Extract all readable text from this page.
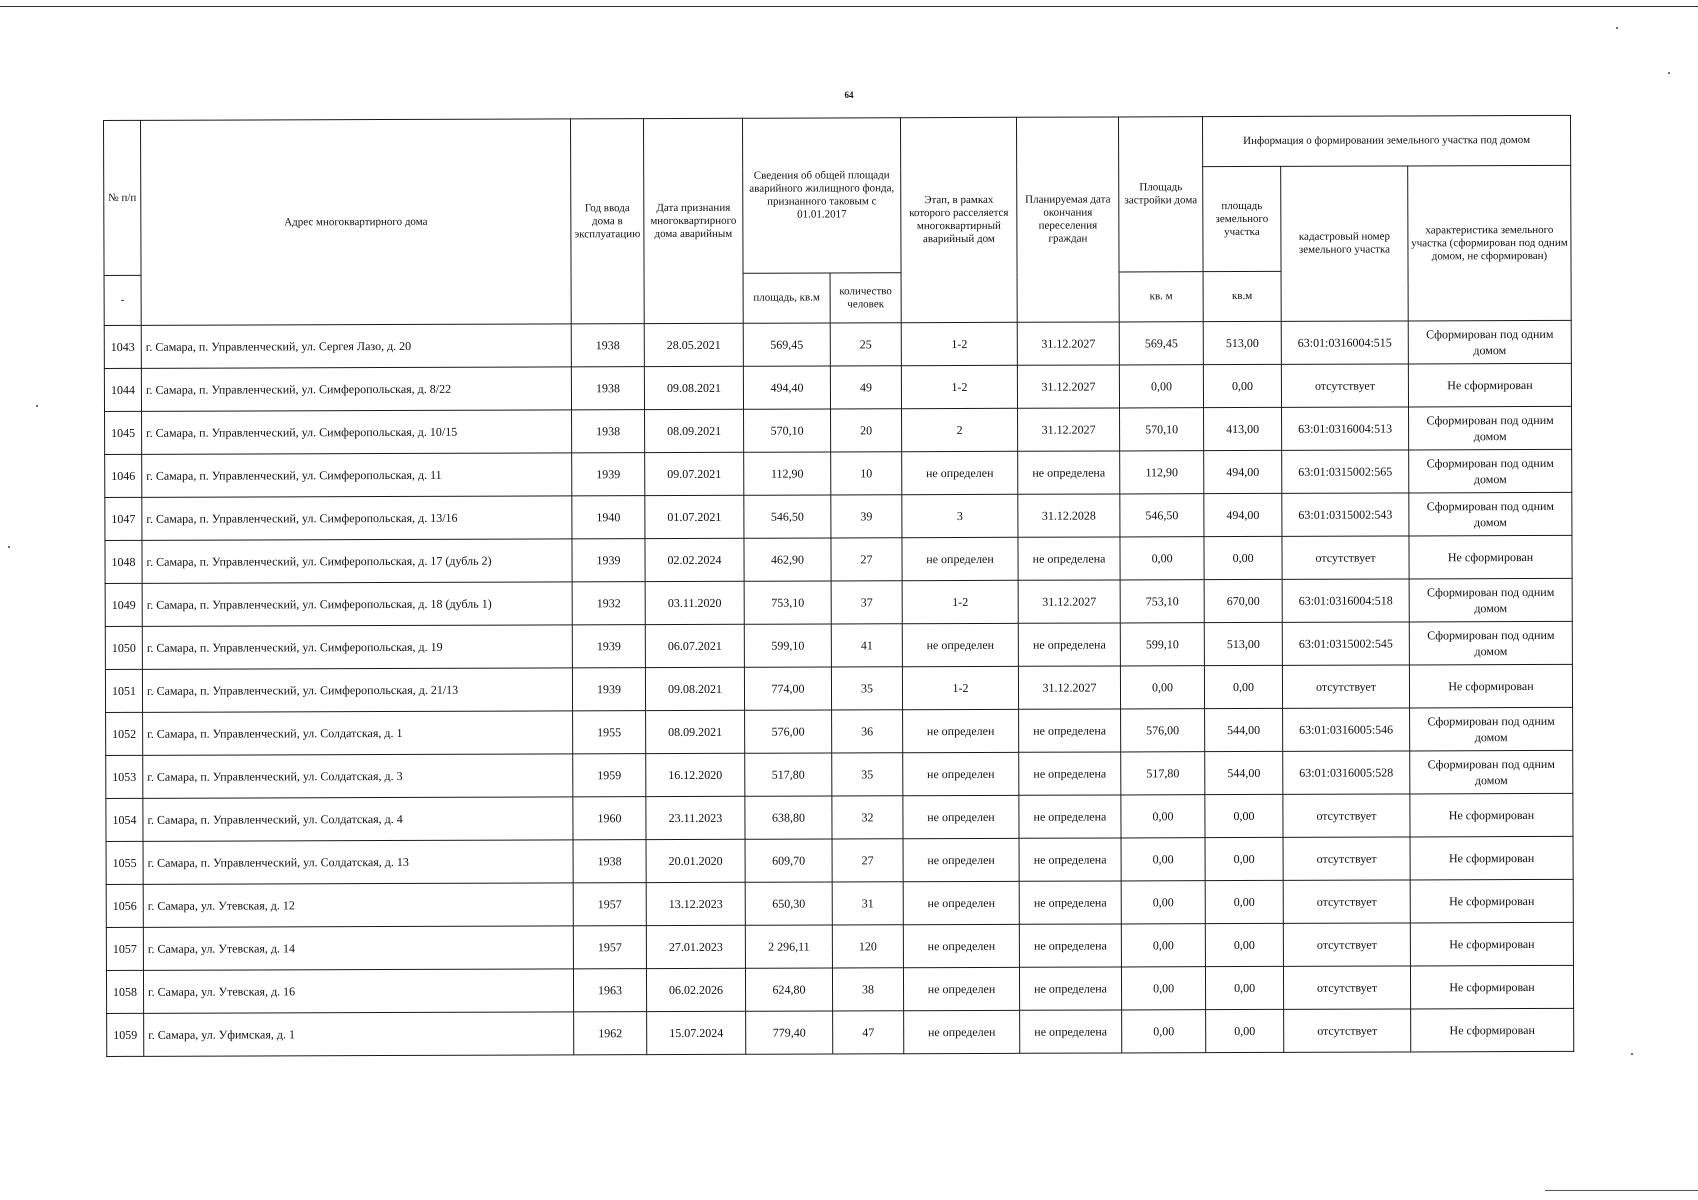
64
№ п/п	Адрес многоквартирного дома	Год ввода дома в эксплуатацию	Дата признания многоквартирного дома аварийным	Сведения об общей площади аварийного жилищного фонда, признанного таковым с 01.01.2017		Этап, в рамках которого расселяется многоквартирный аварийный дом	Планируемая дата окончания переселения граждан	Площадь застройки дома	Информация о формировании земельного участка под домом		
									площадь земельного участка	кадастровый номер земельного участка	характеристика земельного участка (сформирован под одним домом, не сформирован)
-				площадь, кв.м	количество человек			кв. м	кв.м		
1043	г. Самара, п. Управленческий, ул. Сергея Лазо, д. 20	1938	28.05.2021	569,45	25	1-2	31.12.2027	569,45	513,00	63:01:0316004:515	Сформирован под одним домом
1044	г. Самара, п. Управленческий, ул. Симферопольская, д. 8/22	1938	09.08.2021	494,40	49	1-2	31.12.2027	0,00	0,00	отсутствует	Не сформирован
1045	г. Самара, п. Управленческий, ул. Симферопольская, д. 10/15	1938	08.09.2021	570,10	20	2	31.12.2027	570,10	413,00	63:01:0316004:513	Сформирован под одним домом
1046	г. Самара, п. Управленческий, ул. Симферопольская, д. 11	1939	09.07.2021	112,90	10	не определен	не определена	112,90	494,00	63:01:0315002:565	Сформирован под одним домом
1047	г. Самара, п. Управленческий, ул. Симферопольская, д. 13/16	1940	01.07.2021	546,50	39	3	31.12.2028	546,50	494,00	63:01:0315002:543	Сформирован под одним домом
1048	г. Самара, п. Управленческий, ул. Симферопольская, д. 17 (дубль 2)	1939	02.02.2024	462,90	27	не определен	не определена	0,00	0,00	отсутствует	Не сформирован
1049	г. Самара, п. Управленческий, ул. Симферопольская, д. 18 (дубль 1)	1932	03.11.2020	753,10	37	1-2	31.12.2027	753,10	670,00	63:01:0316004:518	Сформирован под одним домом
1050	г. Самара, п. Управленческий, ул. Симферопольская, д. 19	1939	06.07.2021	599,10	41	не определен	не определена	599,10	513,00	63:01:0315002:545	Сформирован под одним домом
1051	г. Самара, п. Управленческий, ул. Симферопольская, д. 21/13	1939	09.08.2021	774,00	35	1-2	31.12.2027	0,00	0,00	отсутствует	Не сформирован
1052	г. Самара, п. Управленческий, ул. Солдатская, д. 1	1955	08.09.2021	576,00	36	не определен	не определена	576,00	544,00	63:01:0316005:546	Сформирован под одним домом
1053	г. Самара, п. Управленческий, ул. Солдатская, д. 3	1959	16.12.2020	517,80	35	не определен	не определена	517,80	544,00	63:01:0316005:528	Сформирован под одним домом
1054	г. Самара, п. Управленческий, ул. Солдатская, д. 4	1960	23.11.2023	638,80	32	не определен	не определена	0,00	0,00	отсутствует	Не сформирован
1055	г. Самара, п. Управленческий, ул. Солдатская, д. 13	1938	20.01.2020	609,70	27	не определен	не определена	0,00	0,00	отсутствует	Не сформирован
1056	г. Самара, ул. Утевская, д. 12	1957	13.12.2023	650,30	31	не определен	не определена	0,00	0,00	отсутствует	Не сформирован
1057	г. Самара, ул. Утевская, д. 14	1957	27.01.2023	2 296,11	120	не определен	не определена	0,00	0,00	отсутствует	Не сформирован
1058	г. Самара, ул. Утевская, д. 16	1963	06.02.2026	624,80	38	не определен	не определена	0,00	0,00	отсутствует	Не сформирован
1059	г. Самара, ул. Уфимская, д. 1	1962	15.07.2024	779,40	47	не определен	не определена	0,00	0,00	отсутствует	Не сформирован
